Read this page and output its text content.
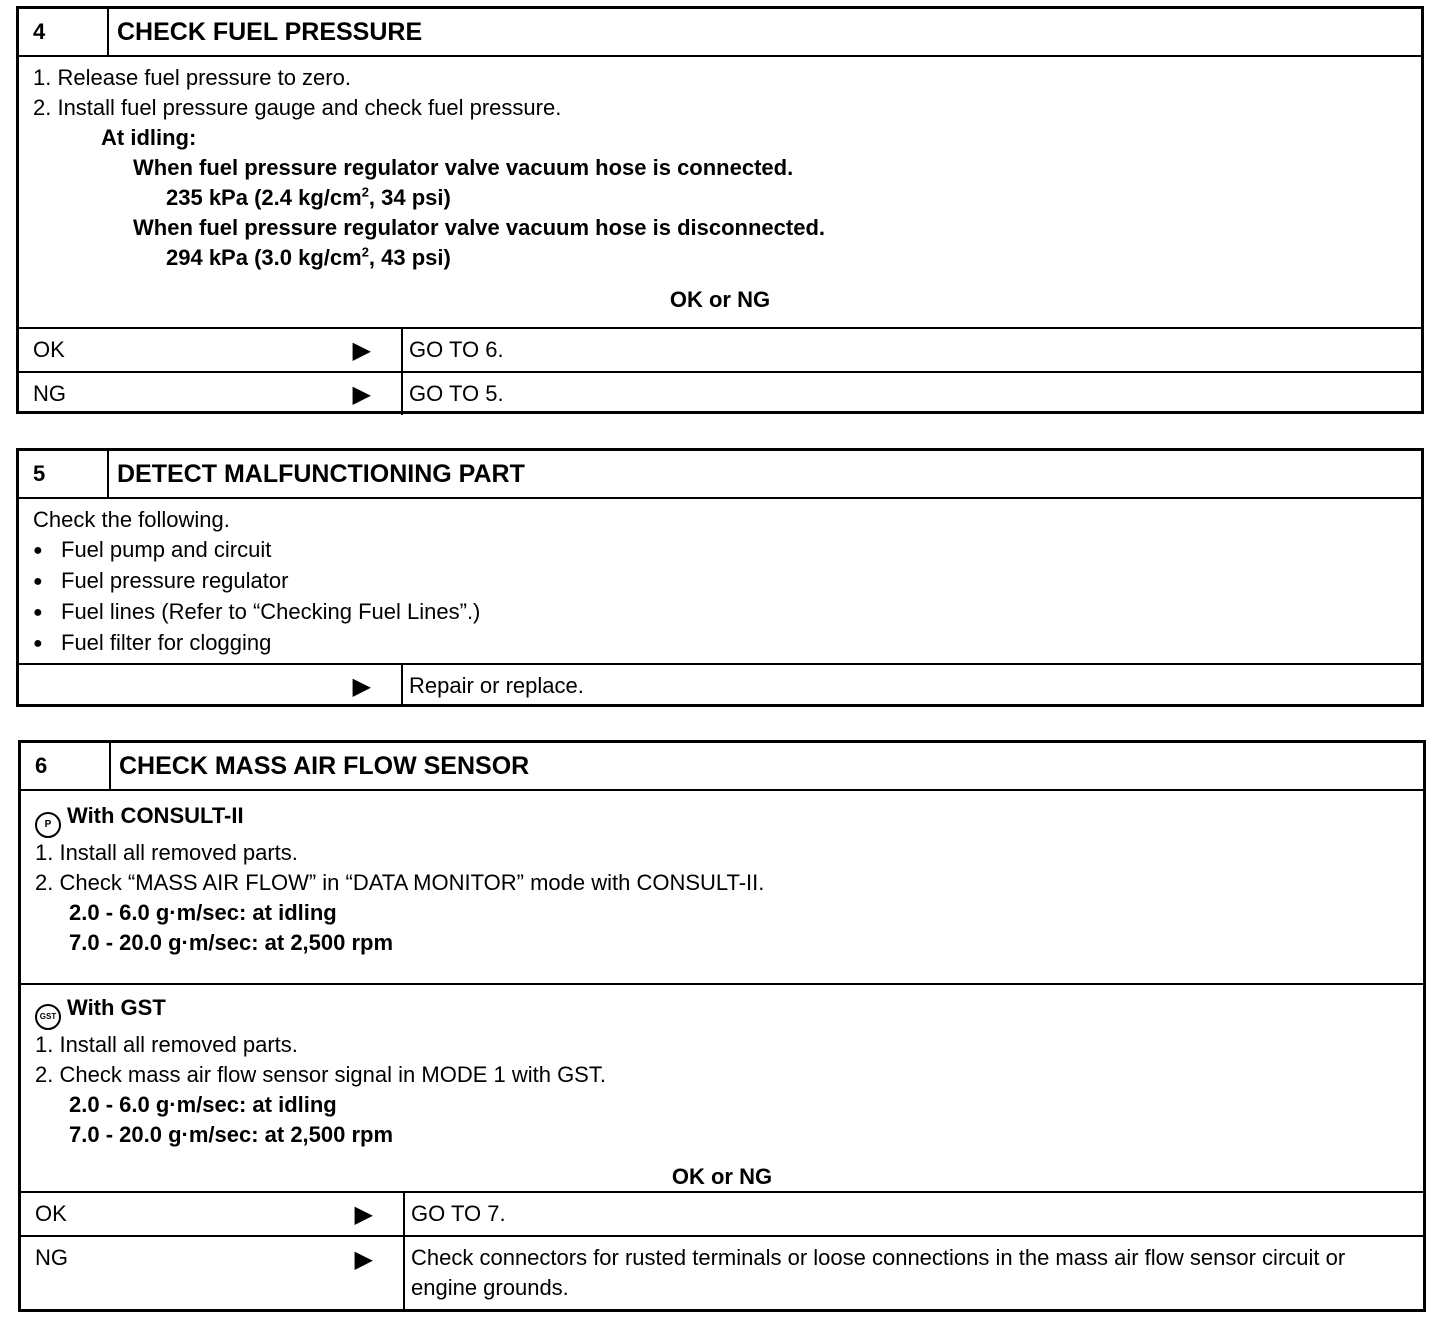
4	CHECK FUEL PRESSURE
1. Release fuel pressure to zero.
2. Install fuel pressure gauge and check fuel pressure.
At idling:
When fuel pressure regulator valve vacuum hose is connected.
235 kPa (2.4 $kg/cm^2$, 34 psi)
When fuel pressure regulator valve vacuum hose is disconnected.
294 kPa (3.0 $kg/cm^2$, 43 psi)
OK or NG
OK	▶ GO TO 6.
NG	▶ GO TO 5.
5	DETECT MALFUNCTIONING PART
Check the following.
● Fuel pump and circuit
● Fuel pressure regulator
● Fuel lines (Refer to “Checking Fuel Lines”.)
● Fuel filter for clogging
▶ Repair or replace.
6	CHECK MASS AIR FLOW SENSOR
P With CONSULT-II
1. Install all removed parts.
2. Check “MASS AIR FLOW” in “DATA MONITOR” mode with CONSULT-II.
2.0 - 6.0 g·m/sec: at idling
7.0 - 20.0 g·m/sec: at 2,500 rpm
GST With GST
1. Install all removed parts.
2. Check mass air flow sensor signal in MODE 1 with GST.
2.0 - 6.0 g·m/sec: at idling
7.0 - 20.0 g·m/sec: at 2,500 rpm
OK or NG
OK	▶ GO TO 7.
NG	▶ Check connectors for rusted terminals or loose connections in the mass air flow sensor circuit or engine grounds.
